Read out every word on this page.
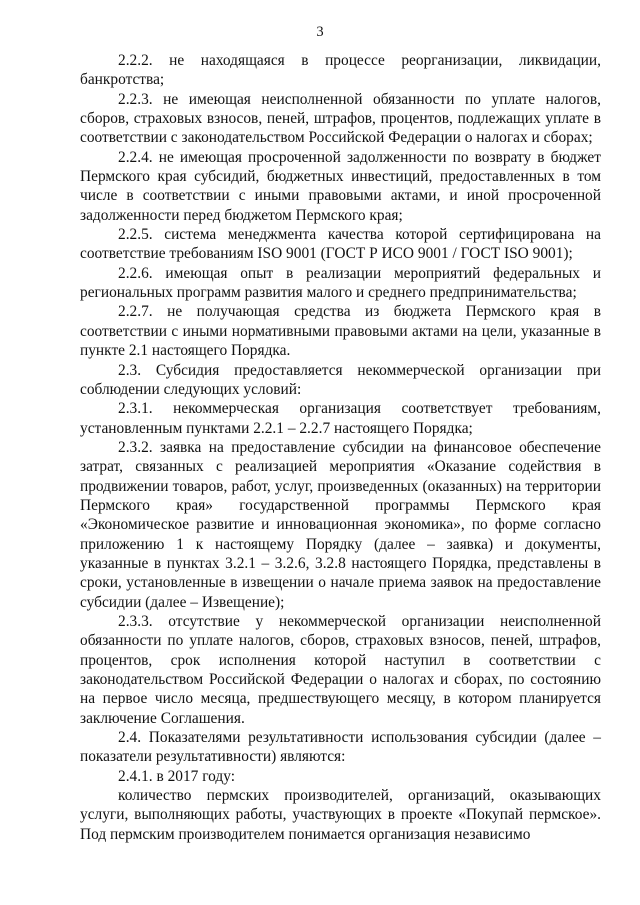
3

2.2.2. не находящаяся в процессе реорганизации, ликвидации, банкротства;

2.2.3. не имеющая неисполненной обязанности по уплате налогов, сборов, страховых взносов, пеней, штрафов, процентов, подлежащих уплате в соответствии с законодательством Российской Федерации о налогах и сборах;

2.2.4. не имеющая просроченной задолженности по возврату в бюджет Пермского края субсидий, бюджетных инвестиций, предоставленных в том числе в соответствии с иными правовыми актами, и иной просроченной задолженности перед бюджетом Пермского края;

2.2.5. система менеджмента качества которой сертифицирована на соответствие требованиям ISO 9001 (ГОСТ Р ИСО 9001 / ГОСТ ISO 9001);

2.2.6. имеющая опыт в реализации мероприятий федеральных и региональных программ развития малого и среднего предпринимательства;

2.2.7. не получающая средства из бюджета Пермского края в соответствии с иными нормативными правовыми актами на цели, указанные в пункте 2.1 настоящего Порядка.

2.3. Субсидия предоставляется некоммерческой организации при соблюдении следующих условий:

2.3.1. некоммерческая организация соответствует требованиям, установленным пунктами 2.2.1 – 2.2.7 настоящего Порядка;

2.3.2. заявка на предоставление субсидии на финансовое обеспечение затрат, связанных с реализацией мероприятия «Оказание содействия в продвижении товаров, работ, услуг, произведенных (оказанных) на территории Пермского края» государственной программы Пермского края «Экономическое развитие и инновационная экономика», по форме согласно приложению 1 к настоящему Порядку (далее – заявка) и документы, указанные в пунктах 3.2.1 – 3.2.6, 3.2.8 настоящего Порядка, представлены в сроки, установленные в извещении о начале приема заявок на предоставление субсидии (далее – Извещение);

2.3.3. отсутствие у некоммерческой организации неисполненной обязанности по уплате налогов, сборов, страховых взносов, пеней, штрафов, процентов, срок исполнения которой наступил в соответствии с законодательством Российской Федерации о налогах и сборах, по состоянию на первое число месяца, предшествующего месяцу, в котором планируется заключение Соглашения.

2.4. Показателями результативности использования субсидии (далее – показатели результативности) являются:

2.4.1. в 2017 году:

количество пермских производителей, организаций, оказывающих услуги, выполняющих работы, участвующих в проекте «Покупай пермское». Под пермским производителем понимается организация независимо
